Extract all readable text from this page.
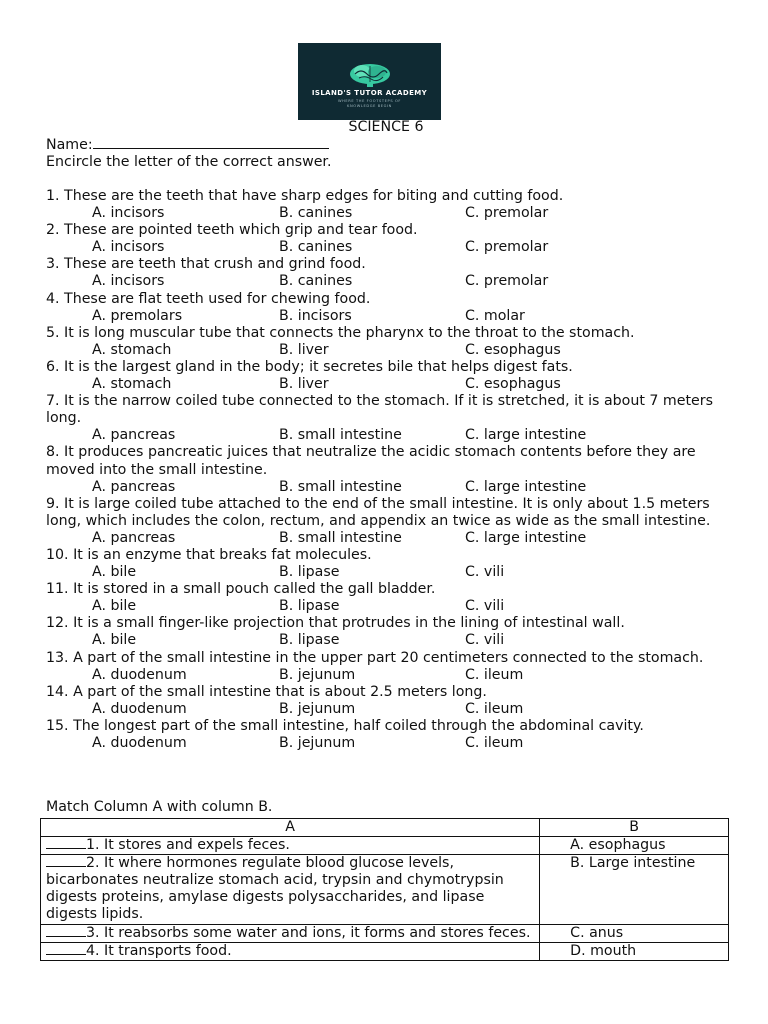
ISLAND'S TUTOR ACADEMY
WHERE THE FOOTSTEPS OF KNOWLEDGE BEGIN
SCIENCE 6
Name:
Encircle the letter of the correct answer.
1. These are the teeth that have sharp edges for biting and cutting food.
A. incisors	B. canines	C. premolar
2. These are pointed teeth which grip and tear food.
A. incisors	B. canines	C. premolar
3. These are teeth that crush and grind food.
A. incisors	B. canines	C. premolar
4. These are flat teeth used for chewing food.
A. premolars	B. incisors	C. molar
5. It is long muscular tube that connects the pharynx to the throat to the stomach.
A. stomach	B. liver	C. esophagus
6. It is the largest gland in the body; it secretes bile that helps digest fats.
A. stomach	B. liver	C. esophagus
7. It is the narrow coiled tube connected to the stomach. If it is stretched, it is about 7 meters long.
A. pancreas	B. small intestine	C. large intestine
8. It produces pancreatic juices that neutralize the acidic stomach contents before they are moved into the small intestine.
A. pancreas	B. small intestine	C. large intestine
9. It is large coiled tube attached to the end of the small intestine. It is only about 1.5 meters long, which includes the colon, rectum, and appendix an twice as wide as the small intestine.
A. pancreas	B. small intestine	C. large intestine
10. It is an enzyme that breaks fat molecules.
A. bile	B. lipase	C. vili
11. It is stored in a small pouch called the gall bladder.
A. bile	B. lipase	C. vili
12. It is a small finger-like projection that protrudes in the lining of intestinal wall.
A. bile	B. lipase	C. vili
13. A part of the small intestine in the upper part 20 centimeters connected to the stomach.
A. duodenum	B. jejunum	C. ileum
14. A part of the small intestine that is about 2.5 meters long.
A. duodenum	B. jejunum	C. ileum
15. The longest part of the small intestine, half coiled through the abdominal cavity.
A. duodenum	B. jejunum	C. ileum
Match Column A with column B.
A	B
1. It stores and expels feces.	A. esophagus
2. It where hormones regulate blood glucose levels, bicarbonates neutralize stomach acid, trypsin and chymotrypsin digests proteins, amylase digests polysaccharides, and lipase digests lipids.	B. Large intestine
3. It reabsorbs some water and ions, it forms and stores feces.	C. anus
4. It transports food.	D. mouth
